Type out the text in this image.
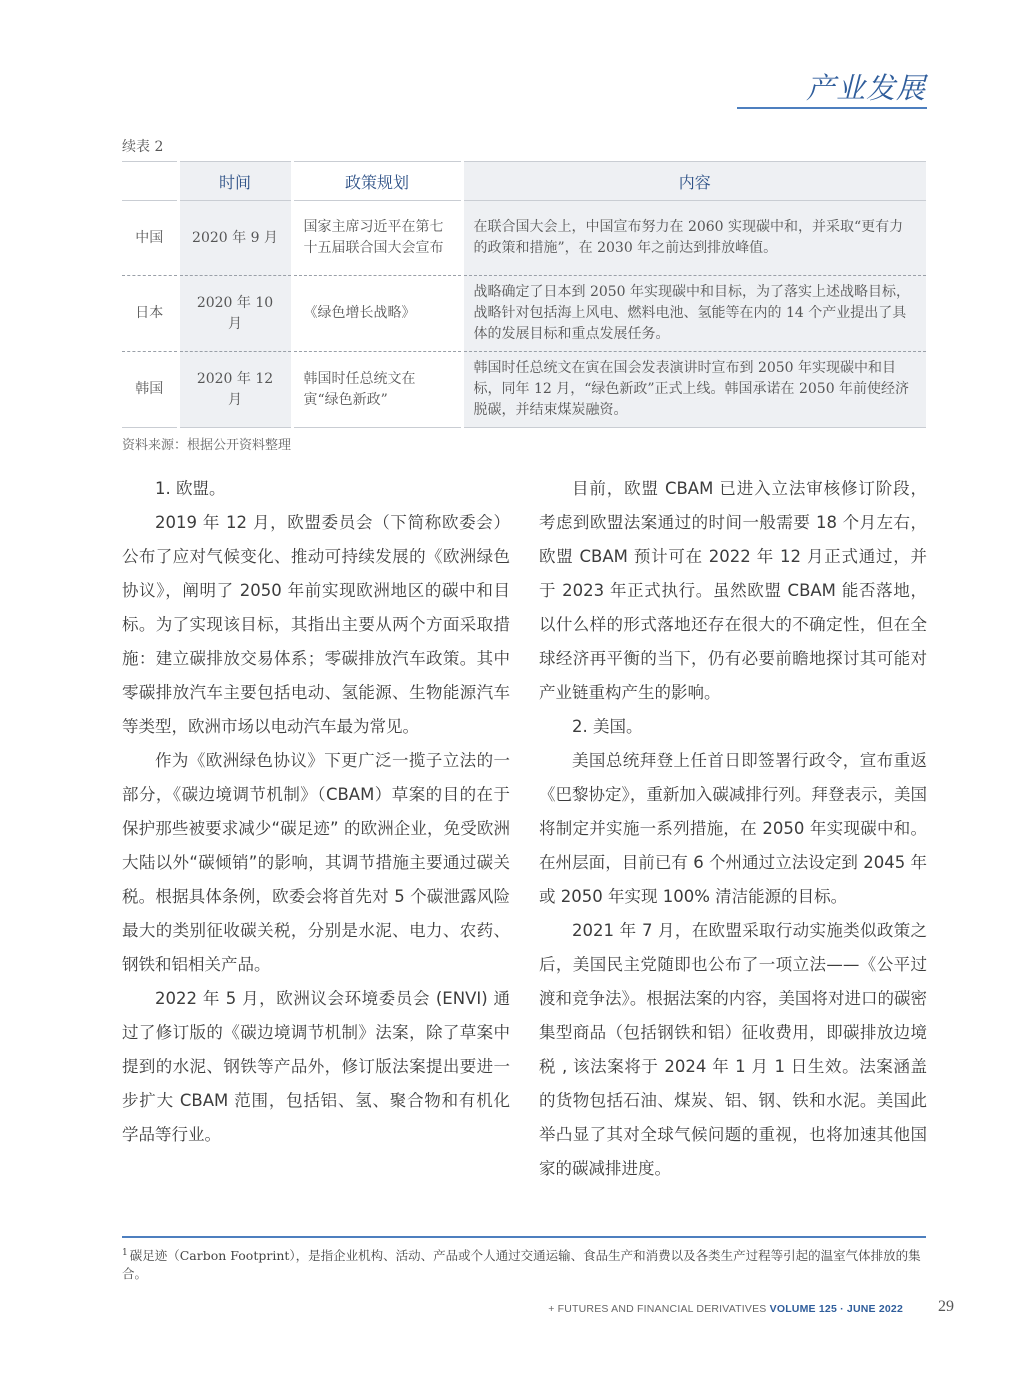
产业发展
续表 2
	时间	政策规划	内容
中国	2020 年 9 月	国家主席习近平在第七十五届联合国大会宣布	在联合国大会上，中国宣布努力在 2060 实现碳中和，并采取“更有力的政策和措施”，在 2030 年之前达到排放峰值。
日本	2020 年 10 月	《绿色增长战略》	战略确定了日本到 2050 年实现碳中和目标，为了落实上述战略目标，战略针对包括海上风电、燃料电池、氢能等在内的 14 个产业提出了具体的发展目标和重点发展任务。
韩国	2020 年 12 月	韩国时任总统文在寅“绿色新政”	韩国时任总统文在寅在国会发表演讲时宣布到 2050 年实现碳中和目标，同年 12 月，“绿色新政”正式上线。韩国承诺在 2050 年前使经济脱碳，并结束煤炭融资。
资料来源：根据公开资料整理

1. 欧盟。

2019 年 12 月，欧盟委员会（下简称欧委会）公布了应对气候变化、推动可持续发展的《欧洲绿色协议》，阐明了 2050 年前实现欧洲地区的碳中和目标。为了实现该目标，其指出主要从两个方面采取措施：建立碳排放交易体系；零碳排放汽车政策。其中零碳排放汽车主要包括电动、氢能源、生物能源汽车等类型，欧洲市场以电动汽车最为常见。

作为《欧洲绿色协议》下更广泛一揽子立法的一部分，《碳边境调节机制》（CBAM）草案的目的在于保护那些被要求减少“碳足迹” 的欧洲企业，免受欧洲大陆以外“碳倾销”的影响，其调节措施主要通过碳关税。根据具体条例，欧委会将首先对 5 个碳泄露风险最大的类别征收碳关税，分别是水泥、电力、农药、钢铁和铝相关产品。

2022 年 5 月，欧洲议会环境委员会 (ENVI) 通过了修订版的《碳边境调节机制》法案，除了草案中提到的水泥、钢铁等产品外，修订版法案提出要进一步扩大 CBAM 范围，包括铝、氢、聚合物和有机化学品等行业。

目前，欧盟 CBAM 已进入立法审核修订阶段，考虑到欧盟法案通过的时间一般需要 18 个月左右，欧盟 CBAM 预计可在 2022 年 12 月正式通过，并于 2023 年正式执行。虽然欧盟 CBAM 能否落地，以什么样的形式落地还存在很大的不确定性，但在全球经济再平衡的当下，仍有必要前瞻地探讨其可能对产业链重构产生的影响。

2. 美国。

美国总统拜登上任首日即签署行政令，宣布重返《巴黎协定》，重新加入碳减排行列。拜登表示，美国将制定并实施一系列措施，在 2050 年实现碳中和。在州层面，目前已有 6 个州通过立法设定到 2045 年或 2050 年实现 100% 清洁能源的目标。

2021 年 7 月，在欧盟采取行动实施类似政策之后，美国民主党随即也公布了一项立法——《公平过渡和竞争法》。根据法案的内容，美国将对进口的碳密集型商品（包括钢铁和铝）征收费用，即碳排放边境税 , 该法案将于 2024 年 1 月 1 日生效。法案涵盖的货物包括石油、煤炭、铝、钢、铁和水泥。美国此举凸显了其对全球气候问题的重视，也将加速其他国家的碳减排进度。

$^1$ 碳足迹（Carbon Footprint），是指企业机构、活动、产品或个人通过交通运输、食品生产和消费以及各类生产过程等引起的温室气体排放的集合。
+ FUTURES AND FINANCIAL DERIVATIVES VOLUME 125 · JUNE 2022 29
